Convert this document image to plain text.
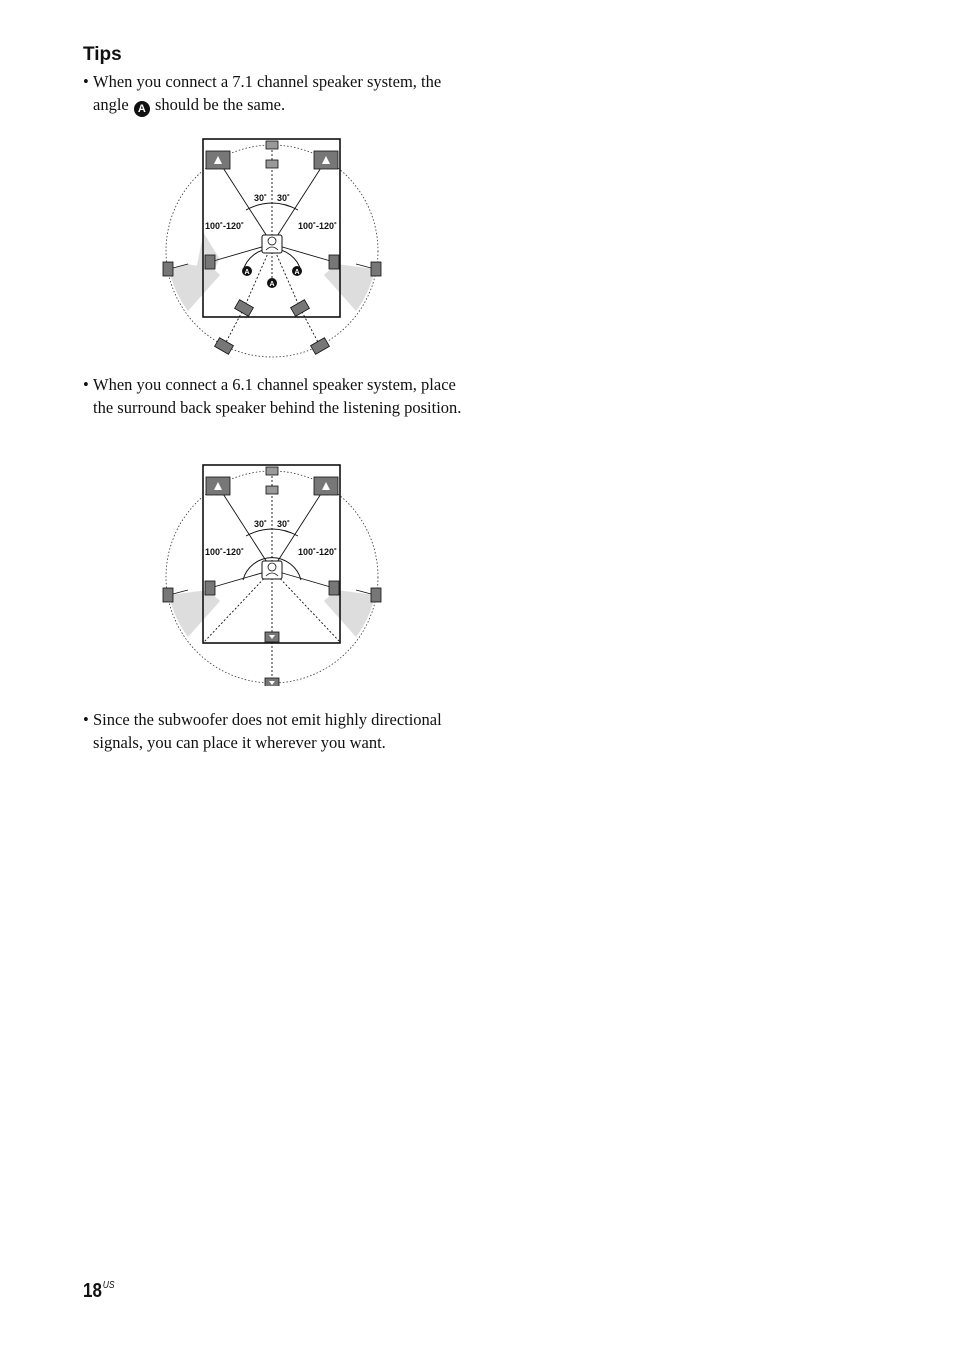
Tips
• When you connect a 7.1 channel speaker system, the angle A should be the same.
A	A
A
30˚ 30˚
100˚-120˚	100˚-120˚
• When you connect a 6.1 channel speaker system, place the surround back speaker behind the listening position.
30˚ 30˚
100˚-120˚	100˚-120˚
• Since the subwoofer does not emit highly directional signals, you can place it wherever you want.
$18^{US}$
